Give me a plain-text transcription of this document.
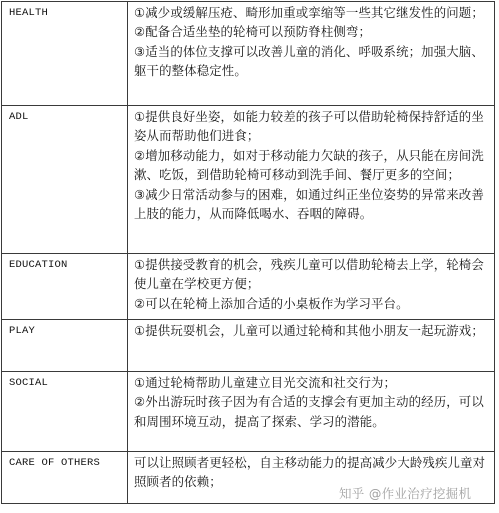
HEALTH	①减少或缓解压疮、畸形加重或挛缩等一些其它继发性的问题；
②配备合适坐垫的轮椅可以预防脊柱侧弯；
③适当的体位支撑可以改善儿童的消化、呼吸系统；加强大脑、躯干的整体稳定性。

ADL	①提供良好坐姿，如能力较差的孩子可以借助轮椅保持舒适的坐姿从而帮助他们进食；
②增加移动能力，如对于移动能力欠缺的孩子，从只能在房间洗漱、吃饭，到借助轮椅可移动到洗手间、餐厅更多的空间；
③减少日常活动参与的困难，如通过纠正坐位姿势的异常来改善上肢的能力，从而降低喝水、吞咽的障碍。

EDUCATION	①提供接受教育的机会，残疾儿童可以借助轮椅去上学，轮椅会使儿童在学校更方便；
②可以在轮椅上添加合适的小桌板作为学习平台。

PLAY	①提供玩耍机会，儿童可以通过轮椅和其他小朋友一起玩游戏；

SOCIAL	①通过轮椅帮助儿童建立目光交流和社交行为；
②外出游玩时孩子因为有合适的支撑会有更加主动的经历，可以和周围环境互动，提高了探索、学习的潜能。

CARE OF OTHERS	可以让照顾者更轻松，自主移动能力的提高减少大龄残疾儿童对照顾者的依赖；
知乎 @作业治疗挖掘机
